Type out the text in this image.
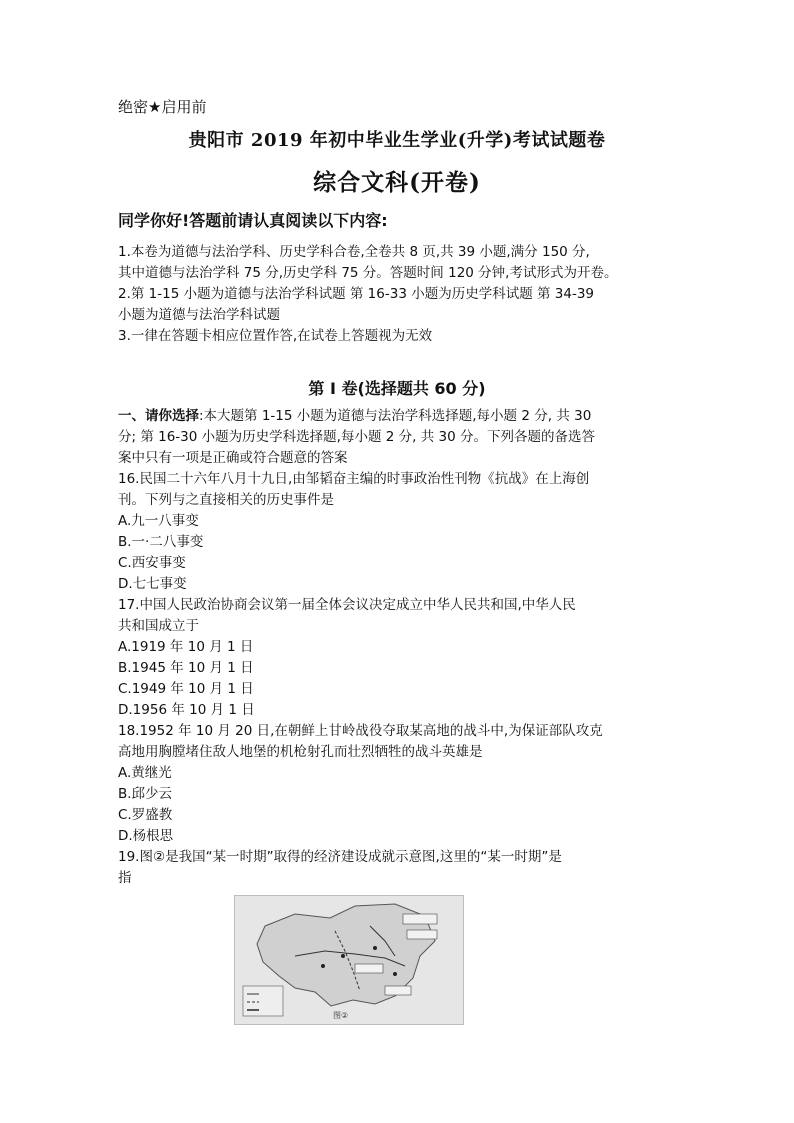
绝密★启用前
贵阳市 2019 年初中毕业生学业(升学)考试试题卷
综合文科(开卷)
同学你好!答题前请认真阅读以下内容:
1.本卷为道德与法治学科、历史学科合卷,全卷共 8 页,共 39 小题,满分 150 分,
其中道德与法治学科 75 分,历史学科 75 分。答题时间 120 分钟,考试形式为开卷。
2.第 1-15 小题为道德与法治学科试题 第 16-33 小题为历史学科试题 第 34-39
小题为道德与法治学科试题
3.一律在答题卡相应位置作答,在试卷上答题视为无效
第 I 卷(选择题共 60 分)
一、请你选择:本大题第 1-15 小题为道德与法治学科选择题,每小题 2 分, 共 30
分; 第 16-30 小题为历史学科选择题,每小题 2 分, 共 30 分。下列各题的备选答
案中只有一项是正确或符合题意的答案
16.民国二十六年八月十九日,由邹韬奋主编的时事政治性刊物《抗战》在上海创
刊。下列与之直接相关的历史事件是
A.九一八事变
B.一·二八事变
C.西安事变
D.七七事变
17.中国人民政治协商会议第一届全体会议决定成立中华人民共和国,中华人民
共和国成立于
A.1919 年 10 月 1 日
B.1945 年 10 月 1 日
C.1949 年 10 月 1 日
D.1956 年 10 月 1 日
18.1952 年 10 月 20 日,在朝鲜上甘岭战役夺取某高地的战斗中,为保证部队攻克
高地用胸膛堵住敌人地堡的机枪射孔而壮烈牺牲的战斗英雄是
A.黄继光
B.邱少云
C.罗盛教
D.杨根思
19.图②是我国“某一时期”取得的经济建设成就示意图,这里的“某一时期”是
指
图②
